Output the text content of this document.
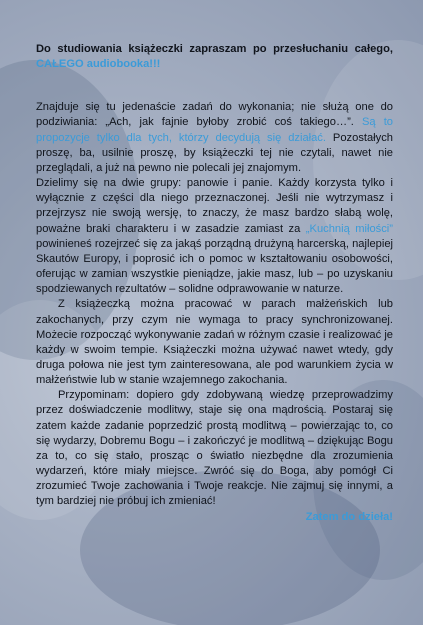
Do studiowania książeczki zapraszam po przesłuchaniu całego, CAŁEGO audiobooka!!!

Znajduje się tu jedenaście zadań do wykonania; nie służą one do podziwiania: „Ach, jak fajnie byłoby zrobić coś takiego…”. Są to propozycje tylko dla tych, którzy decydują się działać. Pozostałych proszę, ba, usilnie proszę, by książeczki tej nie czytali, nawet nie przeglądali, a już na pewno nie polecali jej znajomym.

Dzielimy się na dwie grupy: panowie i panie. Każdy korzysta tylko i wyłącznie z części dla niego przeznaczonej. Jeśli nie wytrzymasz i przejrzysz nie swoją wersję, to znaczy, że masz bardzo słabą wolę, poważne braki charakteru i w zasadzie zamiast za „Kuchnią miłości” powinieneś rozejrzeć się za jakąś porządną drużyną harcerską, najlepiej Skautów Europy, i poprosić ich o pomoc w kształtowaniu osobowości, oferując w zamian wszystkie pieniądze, jakie masz, lub – po uzyskaniu spodziewanych rezultatów – solidne odprawowanie w naturze.

Z książeczką można pracować w parach małżeńskich lub zakochanych, przy czym nie wymaga to pracy synchronizowanej. Możecie rozpocząć wykonywanie zadań w różnym czasie i realizować je każdy w swoim tempie. Książeczki można używać nawet wtedy, gdy druga połowa nie jest tym zainteresowana, ale pod warunkiem życia w małżeństwie lub w stanie wzajemnego zakochania.

Przypominam: dopiero gdy zdobywaną wiedzę przeprowadzimy przez doświadczenie modlitwy, staje się ona mądrością. Postaraj się zatem każde zadanie poprzedzić prostą modlitwą – powierzając to, co się wydarzy, Dobremu Bogu – i zakończyć je modlitwą – dziękując Bogu za to, co się stało, prosząc o światło niezbędne dla zrozumienia wydarzeń, które miały miejsce. Zwróć się do Boga, aby pomógł Ci zrozumieć Twoje zachowania i Twoje reakcje. Nie zajmuj się innymi, a tym bardziej nie próbuj ich zmieniać!

Zatem do dzieła!
